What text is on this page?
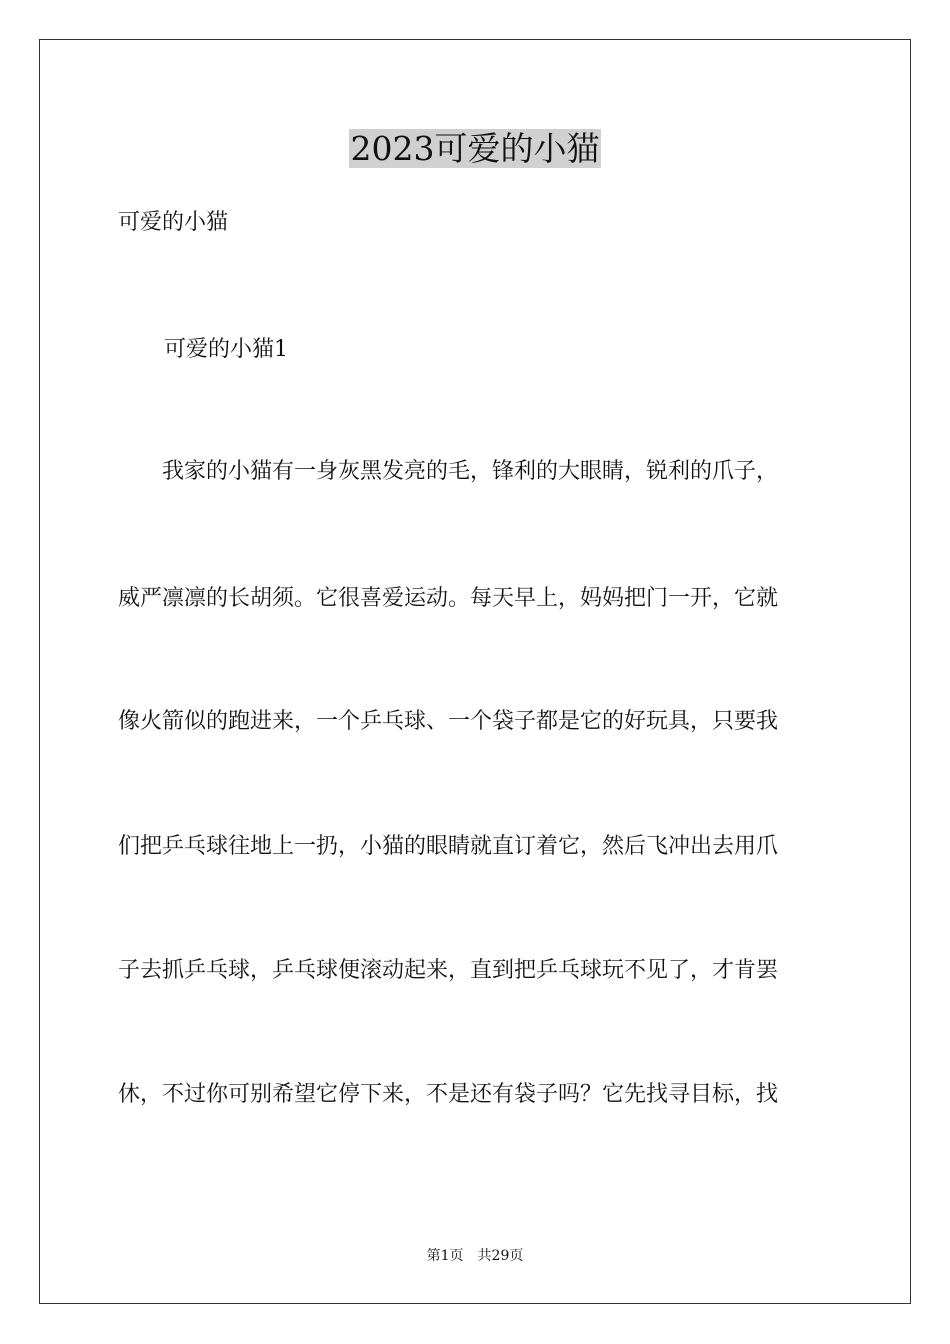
2023可爱的小猫

可爱的小猫

可爱的小猫1

　　我家的小猫有一身灰黑发亮的毛，锋利的大眼睛，锐利的爪子，

威严凛凛的长胡须。它很喜爱运动。每天早上，妈妈把门一开，它就

像火箭似的跑进来，一个乒乓球、一个袋子都是它的好玩具，只要我

们把乒乓球往地上一扔，小猫的眼睛就直订着它，然后飞冲出去用爪

子去抓乒乓球，乒乓球便滚动起来，直到把乒乓球玩不见了，才肯罢

休，不过你可别希望它停下来，不是还有袋子吗？它先找寻目标，找

第1页　共29页
